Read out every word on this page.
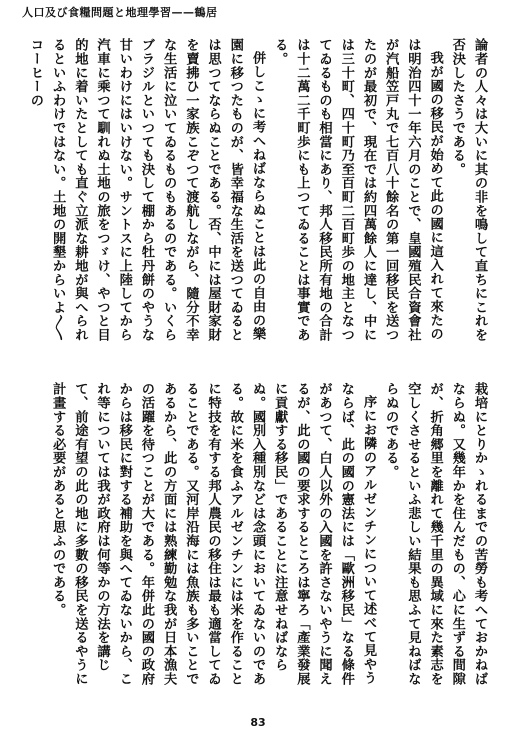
人口及び食糧問題と地理學習——鶴居

論者の人々は大いに其の非を鳴して直ちにこれを否決したさうである。

我が國の移民が始めて此の國に這入れて來たのは明治四十一年六月のことで、皇國殖民合資會社が汽船笠戸丸で七百八十餘名の第一回移民を送つたのが最初で、現在では約四萬餘人に達し、中には三十町、四十町乃至百町二百町歩の地主となつてゐるものも相當にあり、邦人移民所有地の合計は十二萬二千町歩にも上つてゐることは事實である。

併しこゝに考へねばならぬことは此の自由の樂園に移つたものが、皆幸福な生活を送つてゐるとは思つてならぬことである。否、中には屋財家財を賣拂ひ一家族こぞつて渡航しながら、隨分不幸な生活に泣いてゐるものもあるのである。いくらブラジルといつても決して棚から牡丹餅のやうな甘いわけにはいけない。サントスに上陸してから汽車に乘つて馴れぬ土地の旅をつゞけ、やつと目的地に着いたとしても直ぐ立派な耕地が與へられるといふわけではない。土地の開墾からいよ〳〵コーヒーの

栽培にとりかゝれるまでの苦勞も考へておかねばならぬ。又幾年かを住んだもの、心に生ずる間隙が、折角郷里を離れて幾千里の異域に來た素志を空しくさせるといふ悲しい結果も思ふて見ねばならぬのである。

序にお隣のアルゼンチンについて述べて見やうならば、此の國の憲法には「歐洲移民」なる條件があつて、白人以外の入國を許さないやうに聞えるが、此の國の要求するところは寧ろ「產業發展に貢獻する移民」であることに注意せねばならぬ。國別入種別などは念頭においてゐないのである。故に米を食ふアルゼンチンには米を作ることに特技を有する邦人農民の移住は最も適當してゐることである。又河岸沿海には魚族も多いことであるから、此の方面には熟練勤勉な我が日本漁夫の活躍を待つことが大である。年併此の國の政府からは移民に對する補助を與へてゐないから、これ等については我が政府は何等かの方法を講じて、前途有望の此の地に多數の移民を送るやうに計畫する必要があると思ふのである。

83
